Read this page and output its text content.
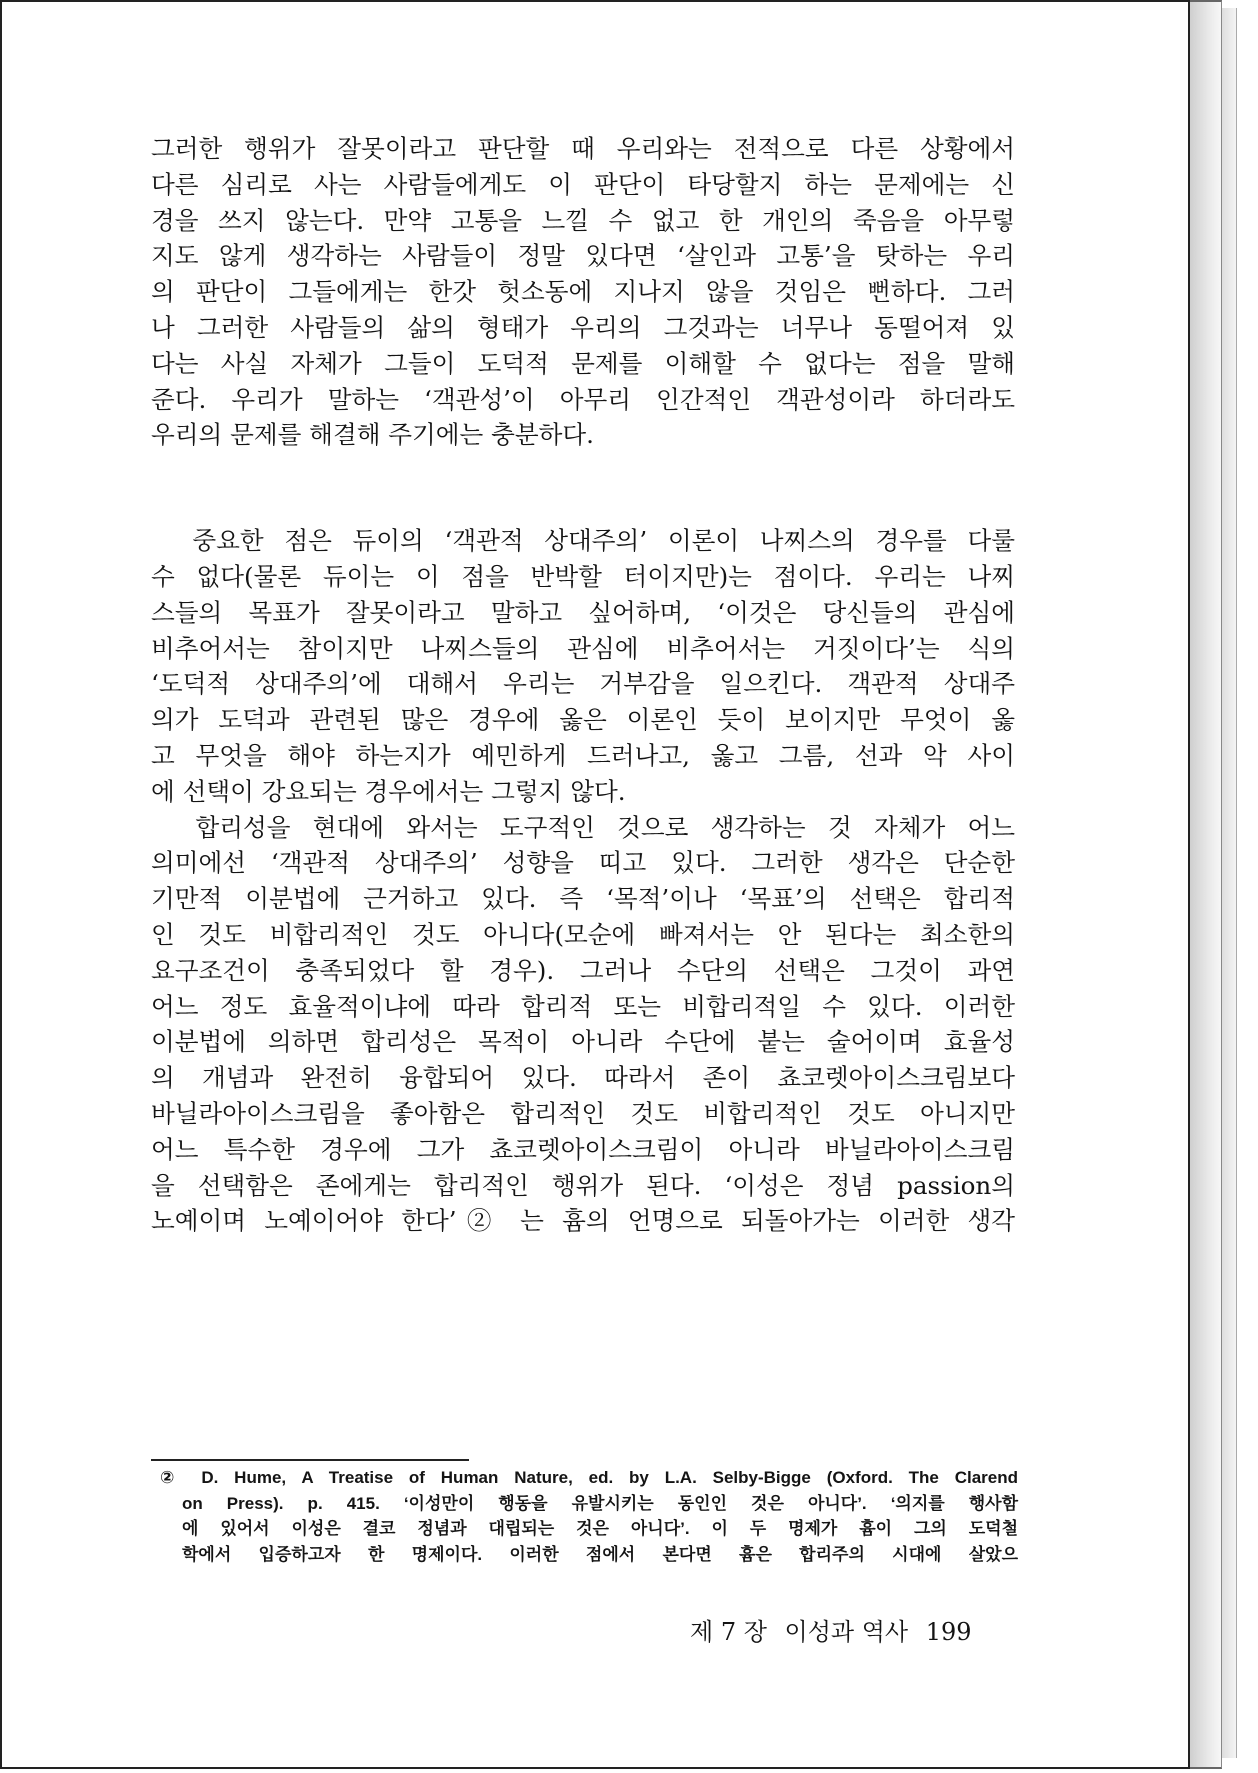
그러한 행위가 잘못이라고 판단할 때 우리와는 전적으로 다른 상황에서
다른 심리로 사는 사람들에게도 이 판단이 타당할지 하는 문제에는 신
경을 쓰지 않는다. 만약 고통을 느낄 수 없고 한 개인의 죽음을 아무렇
지도 않게 생각하는 사람들이 정말 있다면 ‘살인과 고통’을 탓하는 우리
의 판단이 그들에게는 한갓 헛소동에 지나지 않을 것임은 뻔하다. 그러
나 그러한 사람들의 삶의 형태가 우리의 그것과는 너무나 동떨어져 있
다는 사실 자체가 그들이 도덕적 문제를 이해할 수 없다는 점을 말해
준다. 우리가 말하는 ‘객관성’이 아무리 인간적인 객관성이라 하더라도
우리의 문제를 해결해 주기에는 충분하다.
중요한 점은 듀이의 ‘객관적 상대주의’ 이론이 나찌스의 경우를 다룰
수 없다(물론 듀이는 이 점을 반박할 터이지만)는 점이다. 우리는 나찌
스들의 목표가 잘못이라고 말하고 싶어하며, ‘이것은 당신들의 관심에
비추어서는 참이지만 나찌스들의 관심에 비추어서는 거짓이다’는 식의
‘도덕적 상대주의’에 대해서 우리는 거부감을 일으킨다. 객관적 상대주
의가 도덕과 관련된 많은 경우에 옳은 이론인 듯이 보이지만 무엇이 옳
고 무엇을 해야 하는지가 예민하게 드러나고, 옳고 그름, 선과 악 사이
에 선택이 강요되는 경우에서는 그렇지 않다.
합리성을 현대에 와서는 도구적인 것으로 생각하는 것 자체가 어느
의미에선 ‘객관적 상대주의’ 성향을 띠고 있다. 그러한 생각은 단순한
기만적 이분법에 근거하고 있다. 즉 ‘목적’이나 ‘목표’의 선택은 합리적
인 것도 비합리적인 것도 아니다(모순에 빠져서는 안 된다는 최소한의
요구조건이 충족되었다 할 경우). 그러나 수단의 선택은 그것이 과연
어느 정도 효율적이냐에 따라 합리적 또는 비합리적일 수 있다. 이러한
이분법에 의하면 합리성은 목적이 아니라 수단에 붙는 술어이며 효율성
의 개념과 완전히 융합되어 있다. 따라서 존이 쵸코렛아이스크림보다
바닐라아이스크림을 좋아함은 합리적인 것도 비합리적인 것도 아니지만
어느 특수한 경우에 그가 쵸코렛아이스크림이 아니라 바닐라아이스크림
을 선택함은 존에게는 합리적인 행위가 된다. ‘이성은 정념 passion의
노예이며 노예이어야 한다’② 는 흄의 언명으로 되돌아가는 이러한 생각
② D. Hume, A Treatise of Human Nature, ed. by L.A. Selby-Bigge (Oxford. The Clarend
on Press). p. 415. ‘이성만이 행동을 유발시키는 동인인 것은 아니다’. ‘의지를 행사함
에 있어서 이성은 결코 정념과 대립되는 것은 아니다’. 이 두 명제가 흄이 그의 도덕철
학에서 입증하고자 한 명제이다. 이러한 점에서 본다면 흄은 합리주의 시대에 살았으
제 7 장 이성과 역사 199
